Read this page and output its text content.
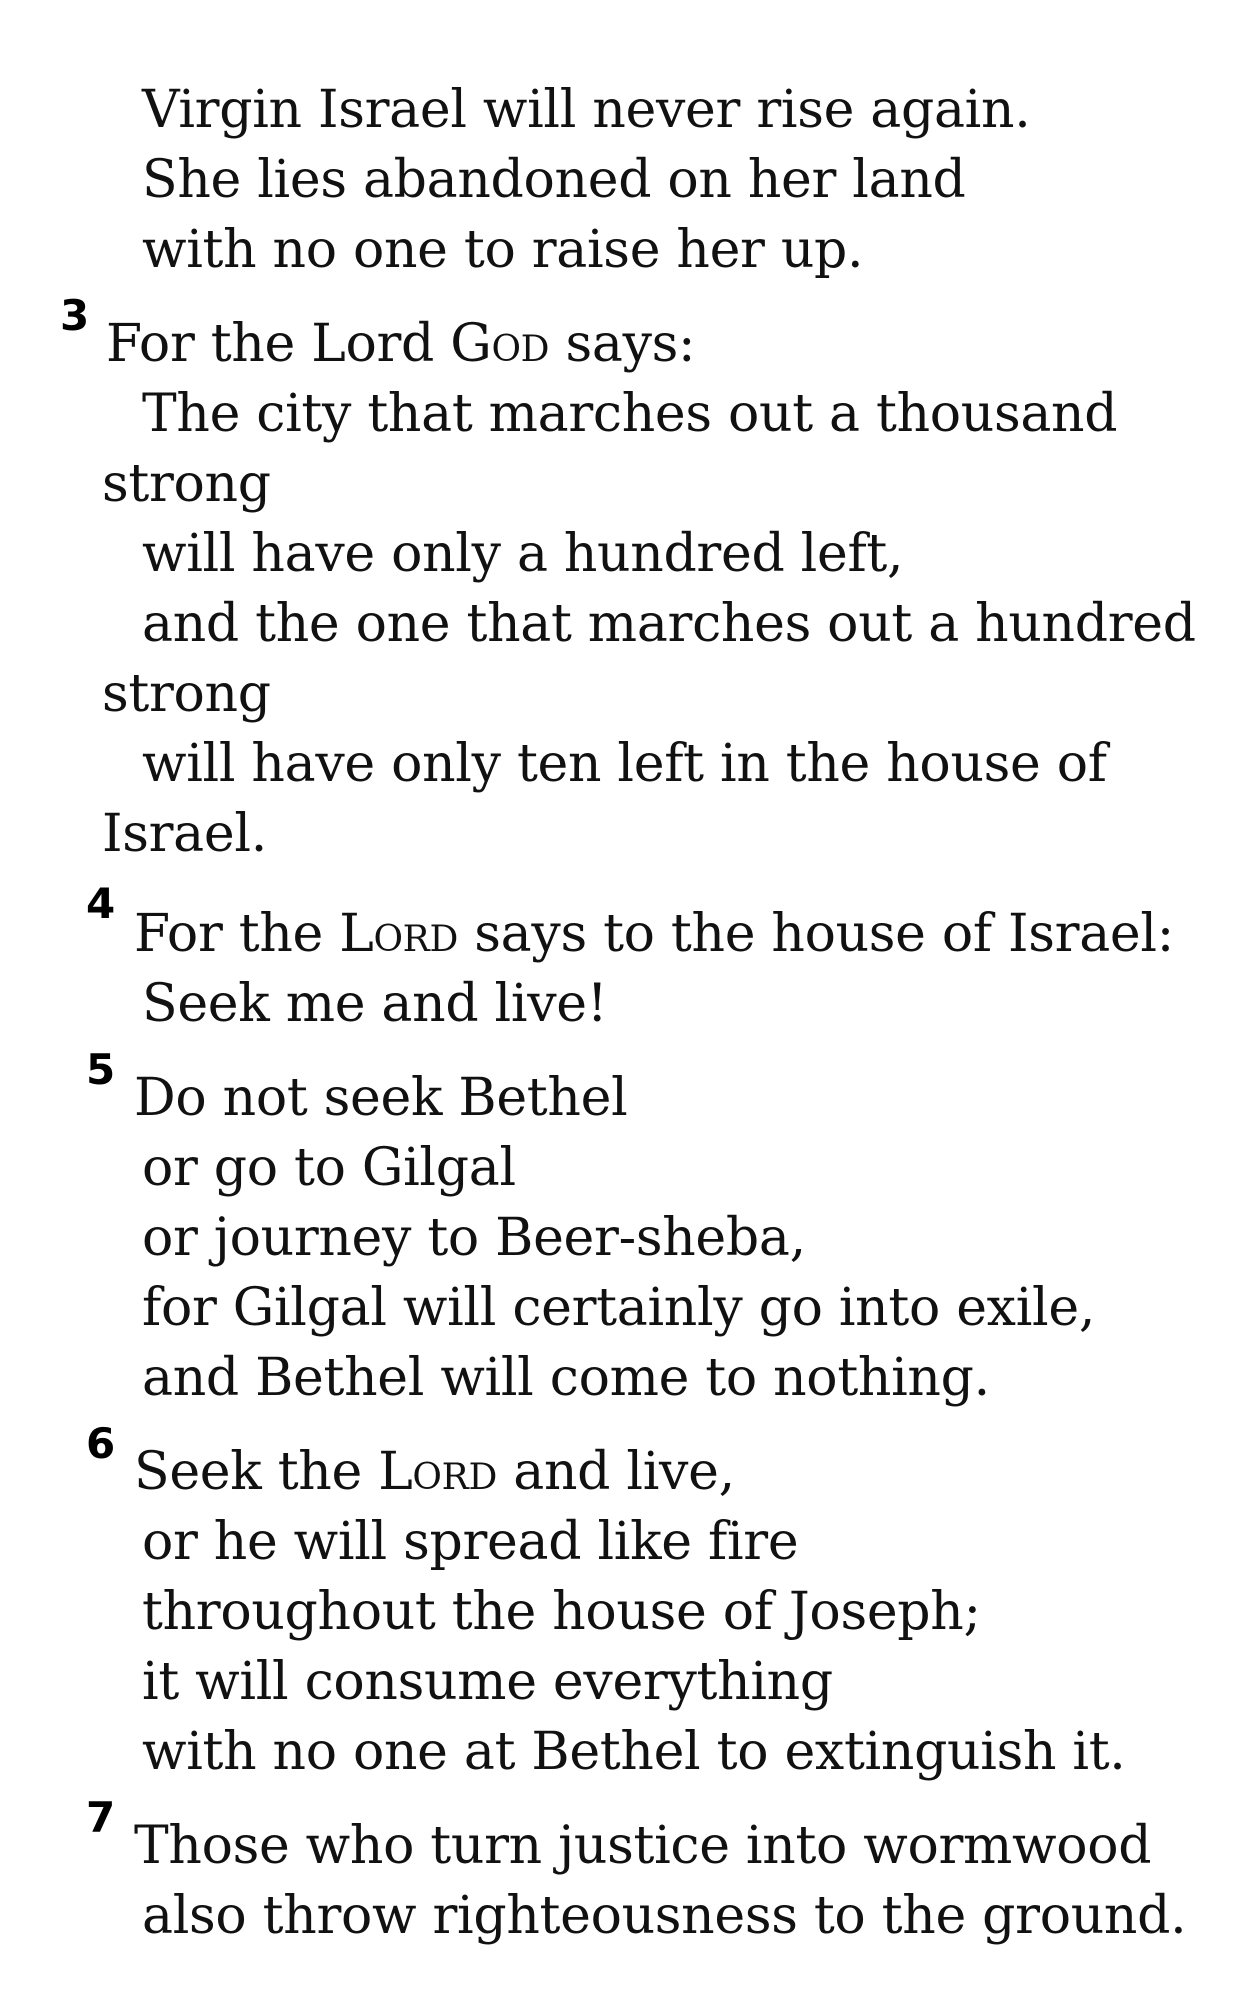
Virgin Israel will never rise again.
She lies abandoned on her land
with no one to raise her up.
3 For the Lord God says:
The city that marches out a thousand
strong
will have only a hundred left,
and the one that marches out a hundred
strong
will have only ten left in the house of
Israel.
4
For the Lord says to the house of Israel:
Seek me and live!
5 Do not seek Bethel
or go to Gilgal
or journey to Beer-sheba,
for Gilgal will certainly go into exile,
and Bethel will come to nothing.
6 Seek the Lord and live,
or he will spread like fire
throughout the house of Joseph;
it will consume everything
with no one at Bethel to extinguish it.
7 Those who turn justice into wormwood
also throw righteousness to the ground.
